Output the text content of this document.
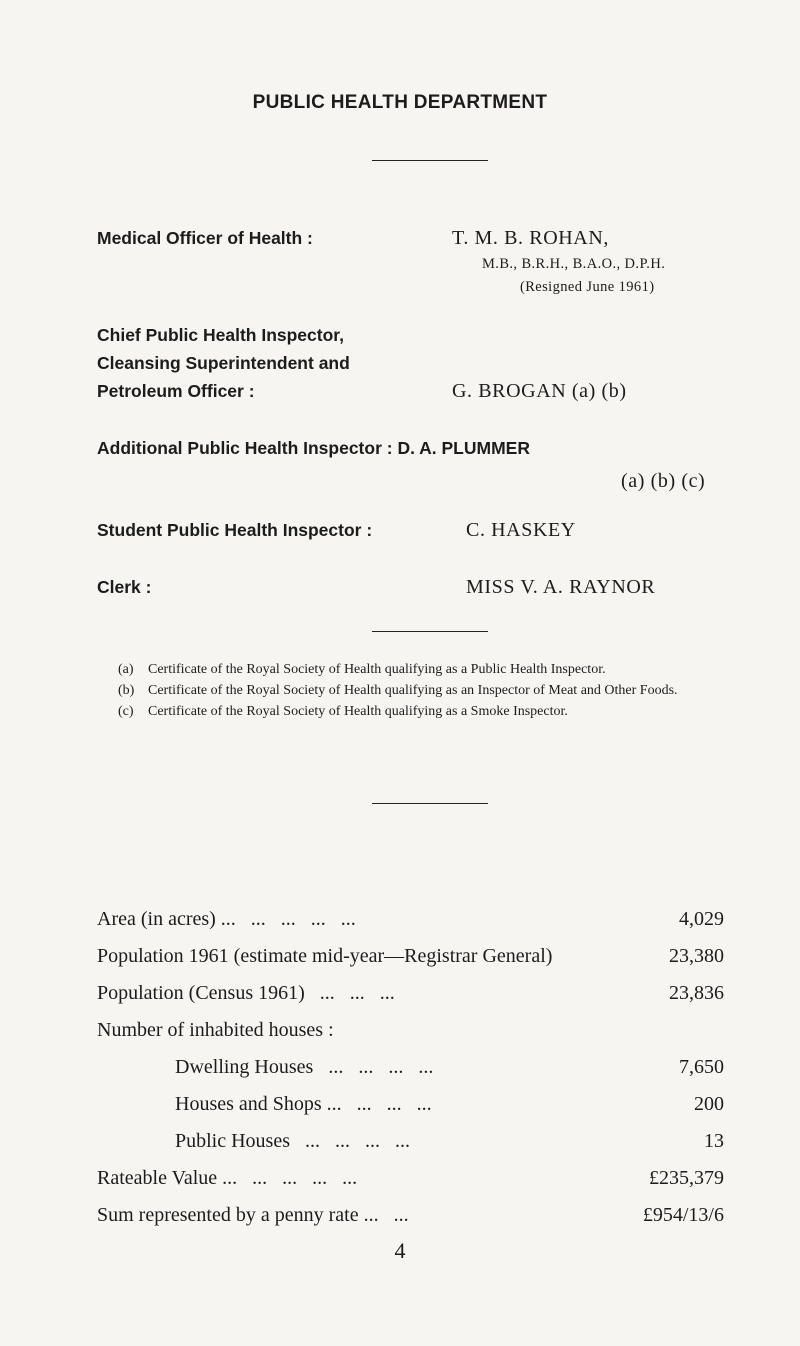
PUBLIC HEALTH DEPARTMENT
Medical Officer of Health :	T. M. B. ROHAN,
M.B., B.R.H., B.A.O., D.P.H.
(Resigned June 1961)
Chief Public Health Inspector,
Cleansing Superintendent and
Petroleum Officer :	G. BROGAN (a) (b)
Additional Public Health Inspector : D. A. PLUMMER
(a) (b) (c)
Student Public Health Inspector :	C. HASKEY
Clerk :	MISS V. A. RAYNOR
(a)	Certificate of the Royal Society of Health qualifying as a Public Health Inspector.
(b) Certificate of the Royal Society of Health qualifying as an Inspector of Meat and Other Foods.
(c)	Certificate of the Royal Society of Health qualifying as a Smoke Inspector.
Area (in acres) ...   ...   ...   ...   ...	4,029
Population 1961 (estimate mid-year—Registrar General)	23,380
Population (Census 1961)   ...   ...   ...	23,836
Number of inhabited houses :
Dwelling Houses   ...   ...   ...   ...	7,650
Houses and Shops ...   ...   ...   ...	200
Public Houses   ...   ...   ...   ...	13
Rateable Value ...   ...   ...   ...   ...	£235,379
Sum represented by a penny rate ...   ...	£954/13/6
4
